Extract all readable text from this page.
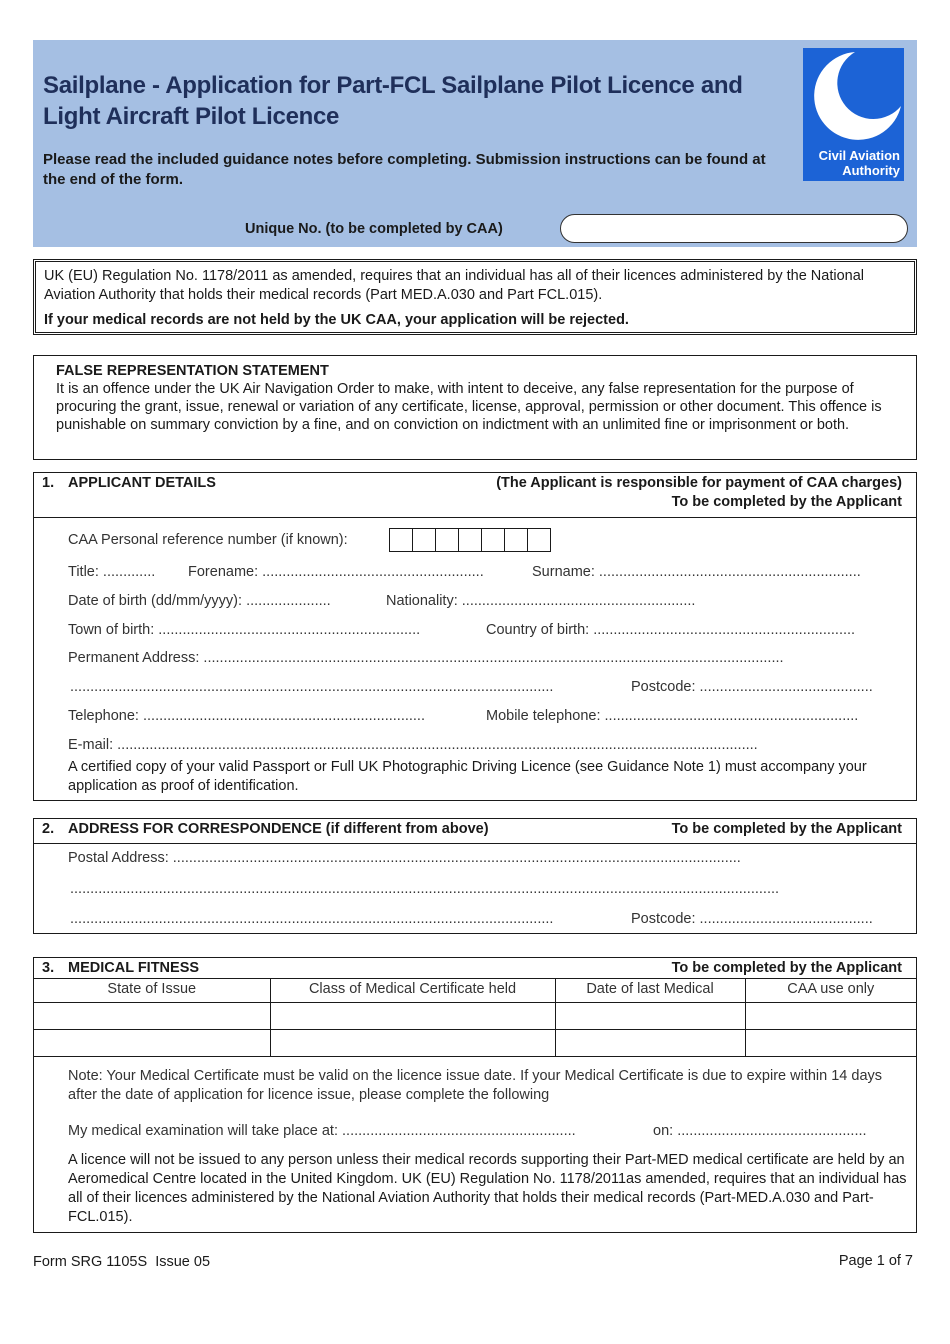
Sailplane - Application for Part-FCL Sailplane Pilot Licence and Light Aircraft Pilot Licence
Please read the included guidance notes before completing. Submission instructions can be found at the end of the form.
Unique No. (to be completed by CAA)
Civil Aviation
Authority
UK (EU) Regulation No. 1178/2011 as amended, requires that an individual has all of their licences administered by the National Aviation Authority that holds their medical records (Part MED.A.030 and Part FCL.015).
If your medical records are not held by the UK CAA, your application will be rejected.
FALSE REPRESENTATION STATEMENT
It is an offence under the UK Air Navigation Order to make, with intent to deceive, any false representation for the purpose of procuring the grant, issue, renewal or variation of any certificate, license, approval, permission or other document. This offence is punishable on summary conviction by a fine, and on conviction on indictment with an unlimited fine or imprisonment or both.
1. APPLICANT DETAILS	(The Applicant is responsible for payment of CAA charges)
To be completed by the Applicant
CAA Personal reference number (if known):
Title: ............. Forename: .......................................................	Surname: .................................................................
Date of birth (dd/mm/yyyy): .....................	Nationality: ..........................................................
Town of birth: .................................................................	Country of birth: .................................................................
Permanent Address: ................................................................................................................................................
........................................................................................................................	Postcode: ...........................................
Telephone: ......................................................................	Mobile telephone: ...............................................................
E-mail: ...............................................................................................................................................................
A certified copy of your valid Passport or Full UK Photographic Driving Licence (see Guidance Note 1) must accompany your application as proof of identification.
2. ADDRESS FOR CORRESPONDENCE (if different from above)	To be completed by the Applicant
Postal Address: .............................................................................................................................................
................................................................................................................................................................................
........................................................................................................................	Postcode: ...........................................
3. MEDICAL FITNESS	To be completed by the Applicant
State of Issue	Class of Medical Certificate held	Date of last Medical	CAA use only

Note: Your Medical Certificate must be valid on the licence issue date. If your Medical Certificate is due to expire within 14 days after the date of application for licence issue, please complete the following
My medical examination will take place at: ..........................................................	on: ...............................................
A licence will not be issued to any person unless their medical records supporting their Part-MED medical certificate are held by an Aeromedical Centre located in the United Kingdom. UK (EU) Regulation No. 1178/2011as amended, requires that an individual has all of their licences administered by the National Aviation Authority that holds their medical records (Part-MED.A.030 and Part-FCL.015).
Form SRG 1105S  Issue 05	Page 1 of 7
